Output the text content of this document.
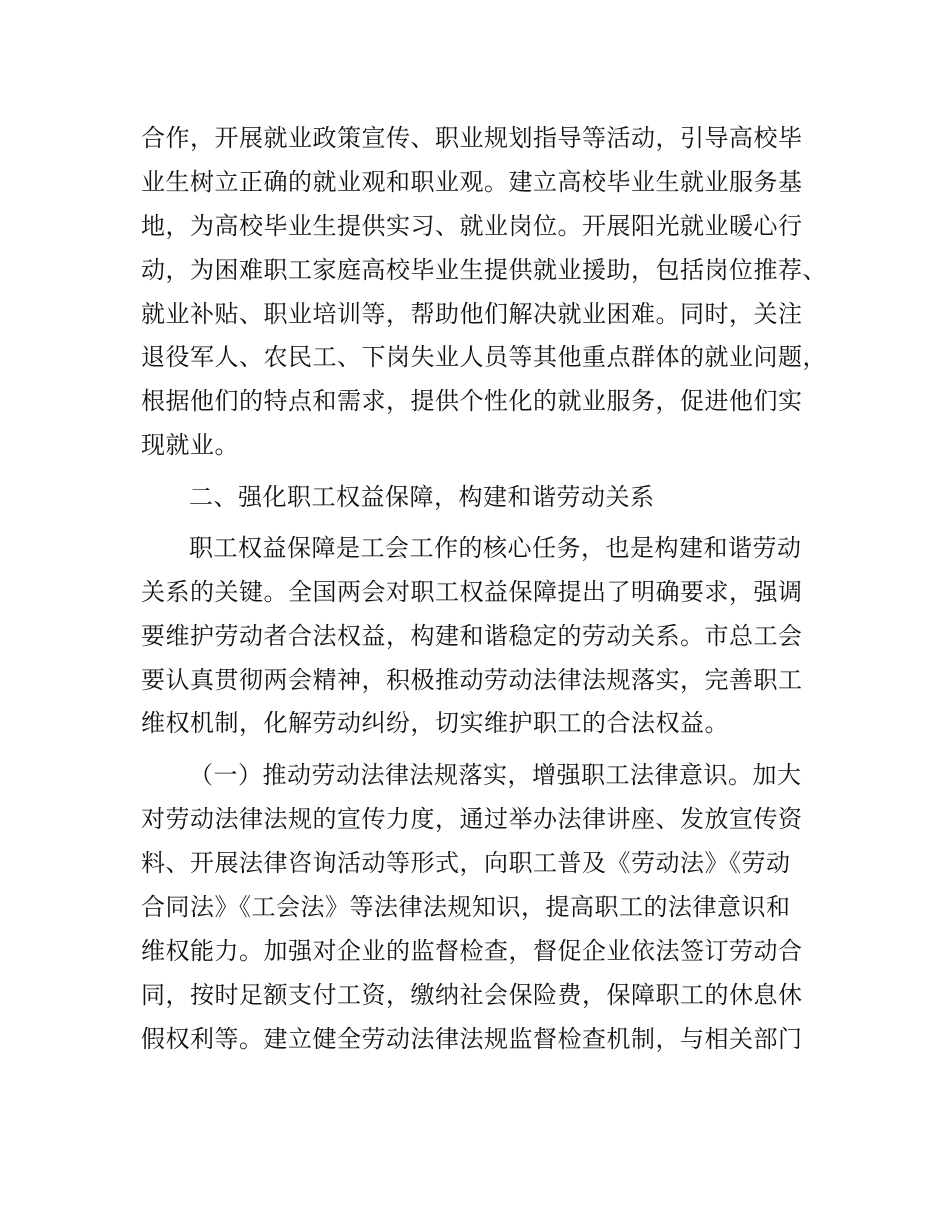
合作，开展就业政策宣传、职业规划指导等活动，引导高校毕
业生树立正确的就业观和职业观。建立高校毕业生就业服务基
地，为高校毕业生提供实习、就业岗位。开展阳光就业暖心行
动，为困难职工家庭高校毕业生提供就业援助，包括岗位推荐、
就业补贴、职业培训等，帮助他们解决就业困难。同时，关注
退役军人、农民工、下岗失业人员等其他重点群体的就业问题，
根据他们的特点和需求，提供个性化的就业服务，促进他们实
现就业。
二、强化职工权益保障，构建和谐劳动关系
职工权益保障是工会工作的核心任务，也是构建和谐劳动
关系的关键。全国两会对职工权益保障提出了明确要求，强调
要维护劳动者合法权益，构建和谐稳定的劳动关系。市总工会
要认真贯彻两会精神，积极推动劳动法律法规落实，完善职工
维权机制，化解劳动纠纷，切实维护职工的合法权益。
（一）推动劳动法律法规落实，增强职工法律意识。加大
对劳动法律法规的宣传力度，通过举办法律讲座、发放宣传资
料、开展法律咨询活动等形式，向职工普及《劳动法》《劳动
合同法》《工会法》等法律法规知识，提高职工的法律意识和
维权能力。加强对企业的监督检查，督促企业依法签订劳动合
同，按时足额支付工资，缴纳社会保险费，保障职工的休息休
假权利等。建立健全劳动法律法规监督检查机制，与相关部门
